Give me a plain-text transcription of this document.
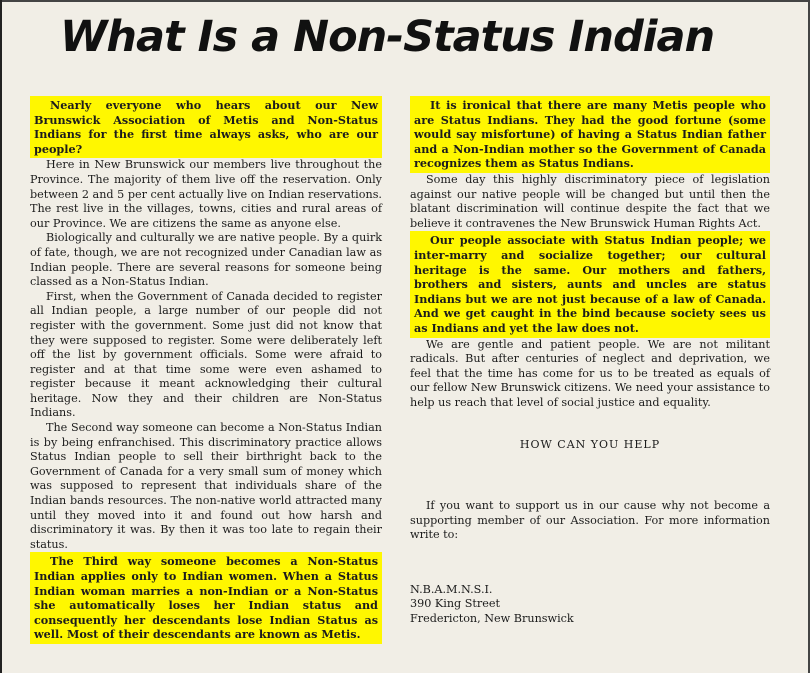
What Is a Non-Status Indian

Nearly everyone who hears about our New Brunswick Association of Metis and Non-Status Indians for the first time always asks, who are our people?

Here in New Brunswick our members live throughout the Province. The majority of them live off the reservation. Only between 2 and 5 per cent actually live on Indian reservations. The rest live in the villages, towns, cities and rural areas of our Province. We are citizens the same as anyone else.

Biologically and culturally we are native people. By a quirk of fate, though, we are not recognized under Canadian law as Indian people. There are several reasons for someone being classed as a Non-Status Indian.

First, when the Government of Canada decided to register all Indian people, a large number of our people did not register with the government. Some just did not know that they were supposed to register. Some were deliberately left off the list by government officials. Some were afraid to register and at that time some were even ashamed to register because it meant acknowledging their cultural heritage. Now they and their children are Non-Status Indians.

The Second way someone can become a Non-Status Indian is by being enfranchised. This discriminatory practice allows Status Indian people to sell their birthright back to the Government of Canada for a very small sum of money which was supposed to represent that individuals share of the Indian bands resources. The non-native world attracted many until they moved into it and found out how harsh and discriminatory it was. By then it was too late to regain their status.

The Third way someone becomes a Non-Status Indian applies only to Indian women. When a Status Indian woman marries a non-Indian or a Non-Status she automatically loses her Indian status and consequently her descendants lose Indian Status as well. Most of their descendants are known as Metis.

It is ironical that there are many Metis people who are Status Indians. They had the good fortune (some would say misfortune) of having a Status Indian father and a Non-Indian mother so the Government of Canada recognizes them as Status Indians.

Some day this highly discriminatory piece of legislation against our native people will be changed but until then the blatant discrimination will continue despite the fact that we believe it contravenes the New Brunswick Human Rights Act.

Our people associate with Status Indian people; we inter-marry and socialize together; our cultural heritage is the same. Our mothers and fathers, brothers and sisters, aunts and uncles are status Indians but we are not just because of a law of Canada. And we get caught in the bind because society sees us as Indians and yet the law does not.

We are gentle and patient people. We are not militant radicals. But after centuries of neglect and deprivation, we feel that the time has come for us to be treated as equals of our fellow New Brunswick citizens. We need your assistance to help us reach that level of social justice and equality.

HOW CAN YOU HELP

If you want to support us in our cause why not become a supporting member of our Association. For more information write to:

N.B.A.M.N.S.I.
390 King Street
Fredericton, New Brunswick
